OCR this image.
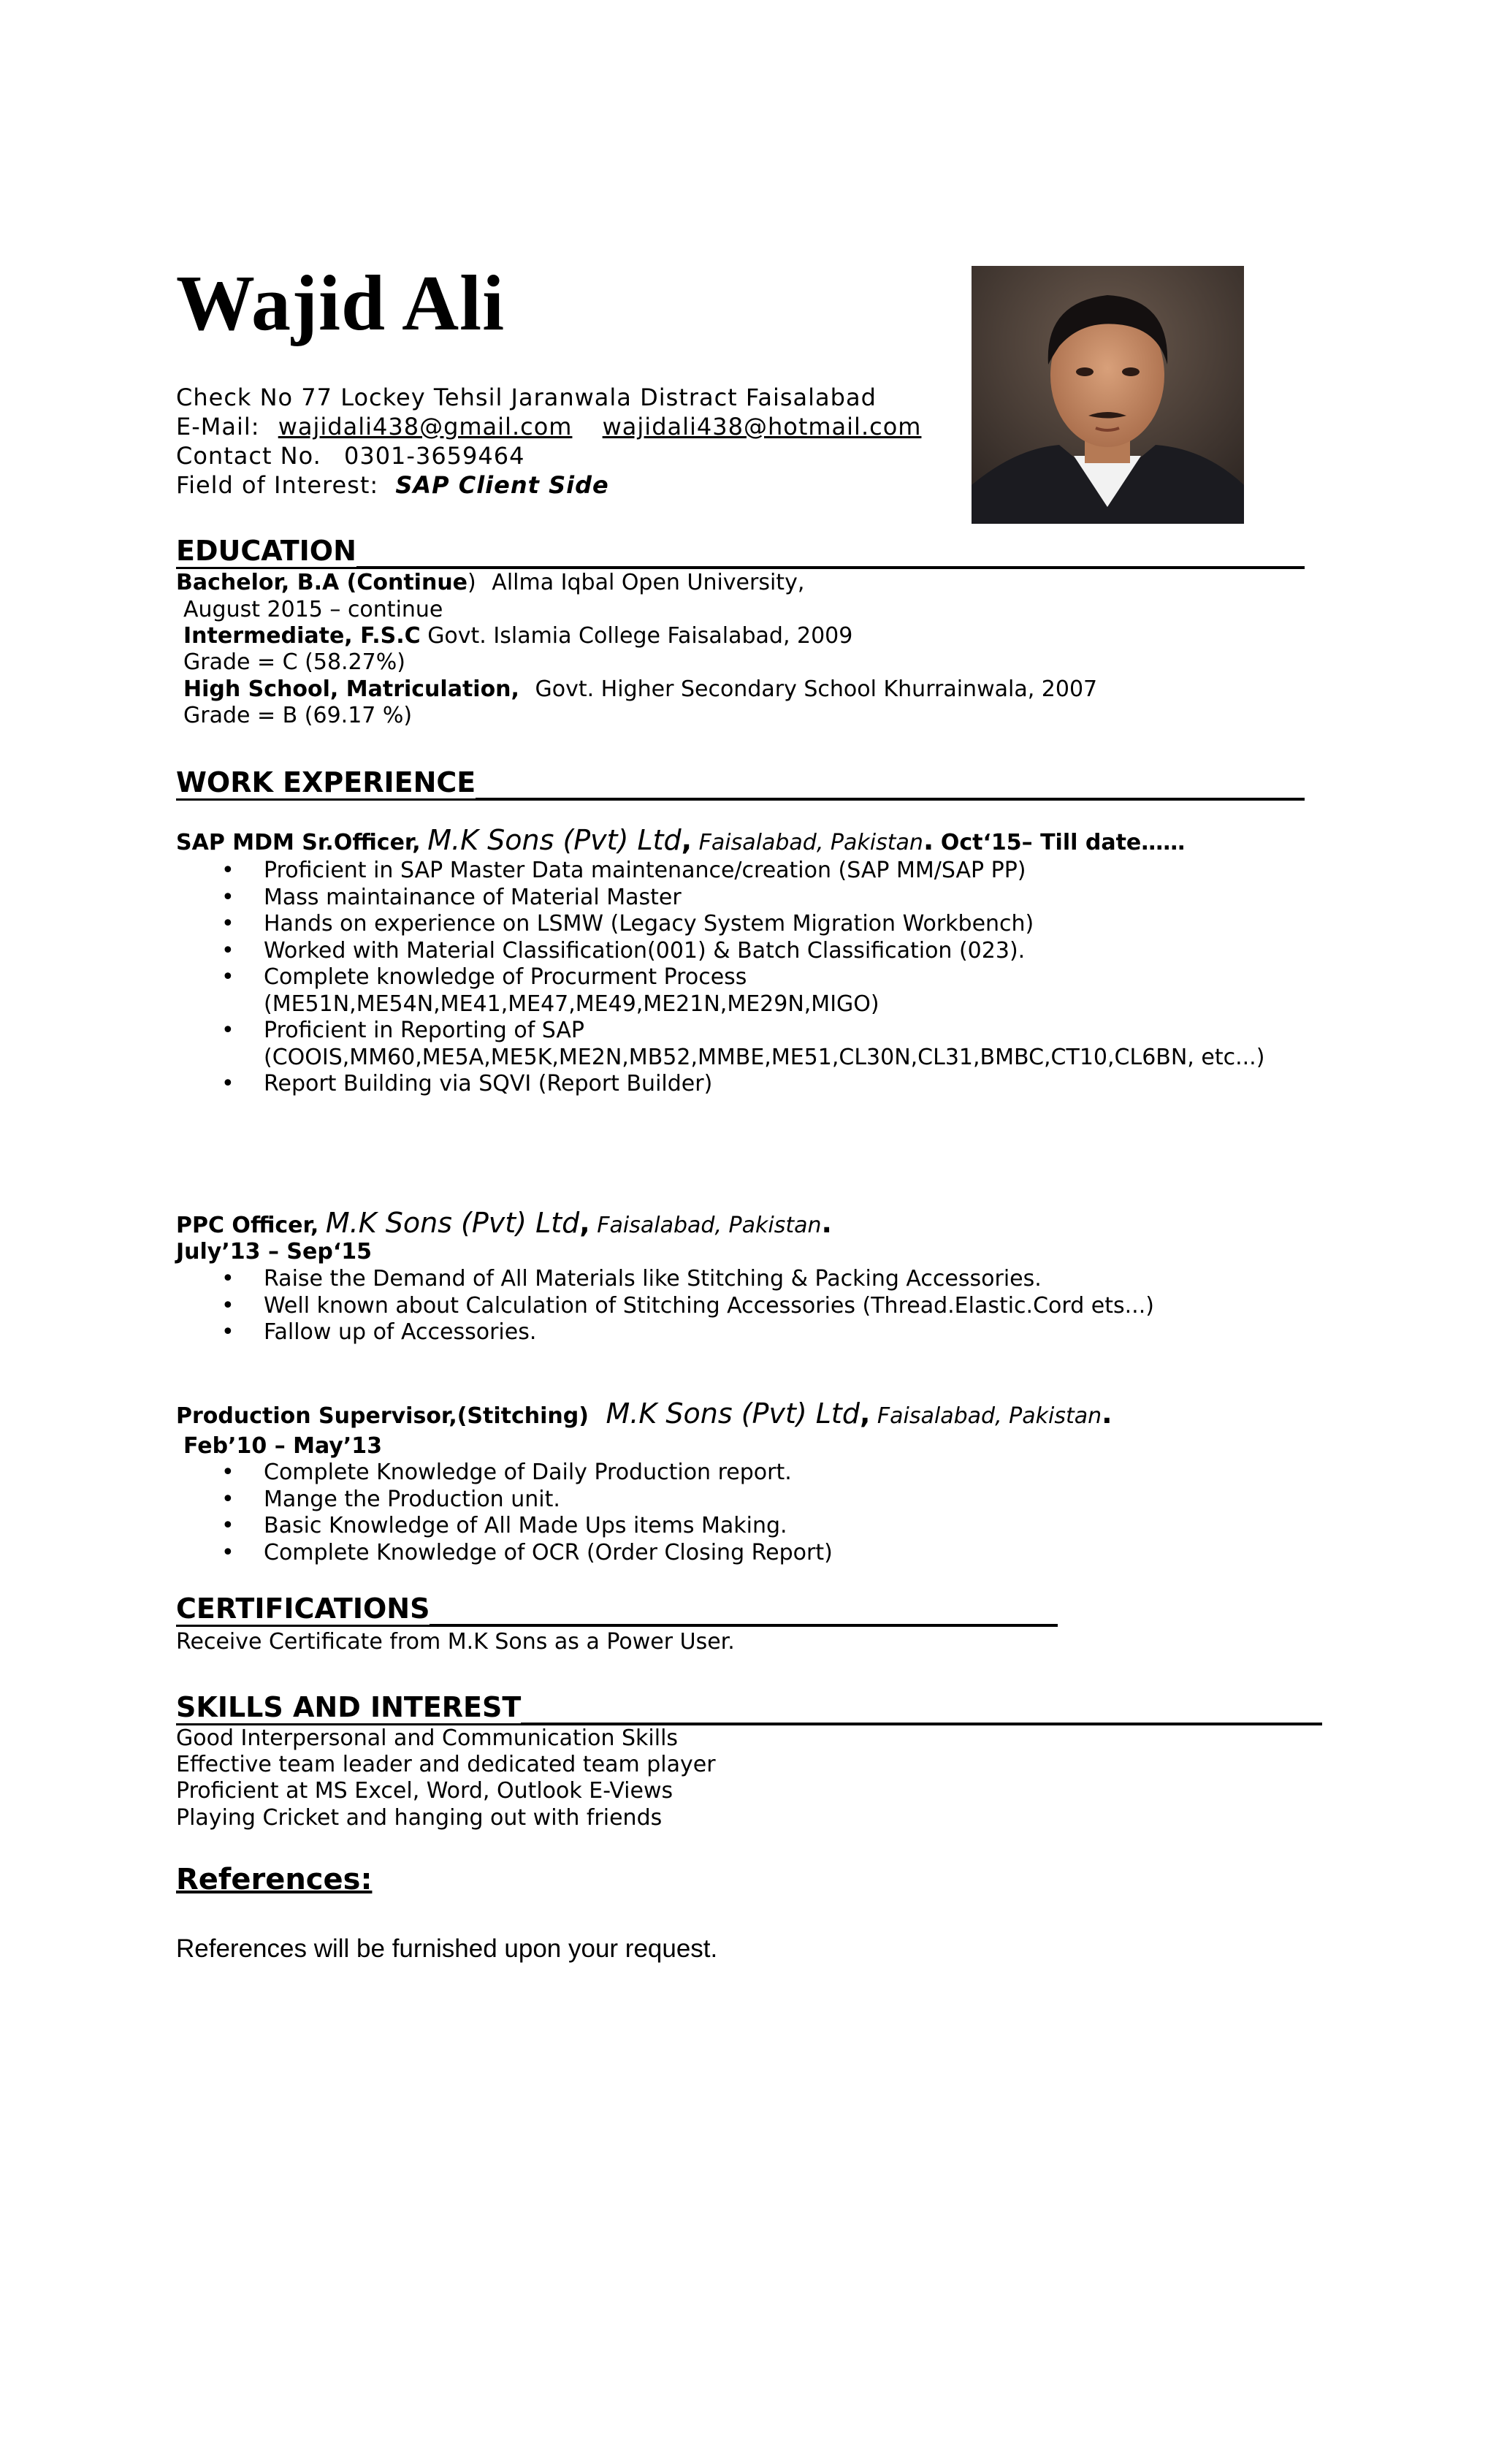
Wajid Ali
Check No 77 Lockey Tehsil Jaranwala Distract Faisalabad
E-Mail: wajidali438@gmail.com wajidali438@hotmail.com
Contact No. 0301-3659464
Field of Interest: SAP Client Side
EDUCATION
Bachelor, B.A (Continue) Allma Iqbal Open University,
August 2015 – continue
Intermediate, F.S.C Govt. Islamia College Faisalabad, 2009
Grade = C (58.27%)
High School, Matriculation, Govt. Higher Secondary School Khurrainwala, 2007
Grade = B (69.17 %)
WORK EXPERIENCE
SAP MDM Sr.Officer, M.K Sons (Pvt) Ltd, Faisalabad, Pakistan. Oct‘15– Till date……
• Proficient in SAP Master Data maintenance/creation (SAP MM/SAP PP)
• Mass maintainance of Material Master
• Hands on experience on LSMW (Legacy System Migration Workbench)
• Worked with Material Classification(001) & Batch Classification (023).
• Complete knowledge of Procurment Process
(ME51N,ME54N,ME41,ME47,ME49,ME21N,ME29N,MIGO)
• Proficient in Reporting of SAP
(COOIS,MM60,ME5A,ME5K,ME2N,MB52,MMBE,ME51,CL30N,CL31,BMBC,CT10,CL6BN, etc...)
• Report Building via SQVI (Report Builder)
PPC Officer, M.K Sons (Pvt) Ltd, Faisalabad, Pakistan.
July’13 – Sep‘15
• Raise the Demand of All Materials like Stitching & Packing Accessories.
• Well known about Calculation of Stitching Accessories (Thread.Elastic.Cord ets...)
• Fallow up of Accessories.
Production Supervisor,(Stitching) M.K Sons (Pvt) Ltd, Faisalabad, Pakistan.
Feb’10 – May’13
• Complete Knowledge of Daily Production report.
• Mange the Production unit.
• Basic Knowledge of All Made Ups items Making.
• Complete Knowledge of OCR (Order Closing Report)
CERTIFICATIONS
Receive Certificate from M.K Sons as a Power User.
SKILLS AND INTEREST
Good Interpersonal and Communication Skills
Effective team leader and dedicated team player
Proficient at MS Excel, Word, Outlook E-Views
Playing Cricket and hanging out with friends
References:
References will be furnished upon your request.
